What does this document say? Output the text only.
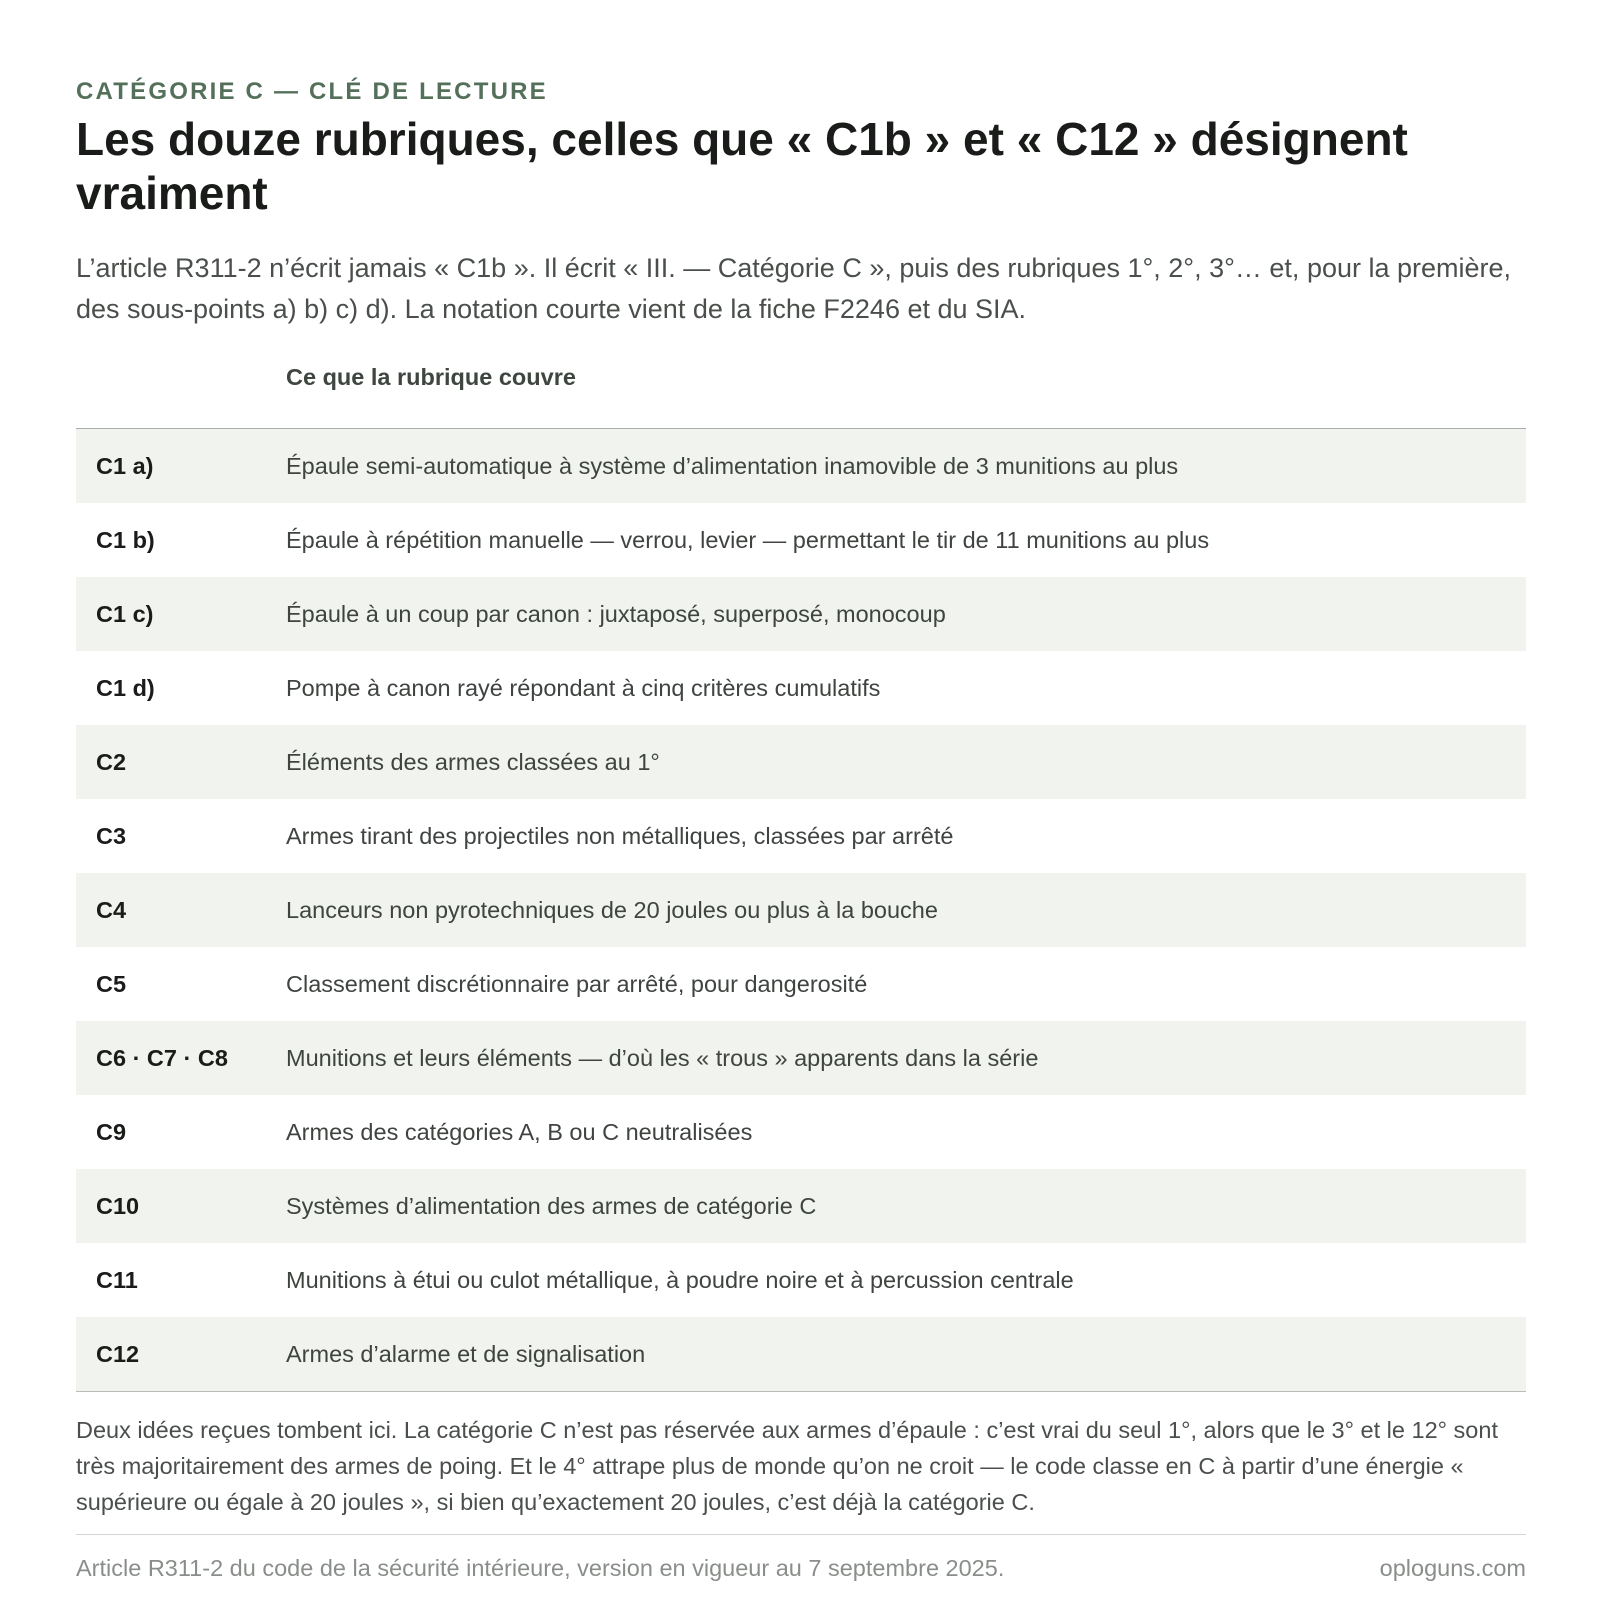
CATÉGORIE C — CLÉ DE LECTURE
Les douze rubriques, celles que « C1b » et « C12 » désignent vraiment

L’article R311-2 n’écrit jamais « C1b ». Il écrit « III. — Catégorie C », puis des rubriques 1°, 2°, 3°… et, pour la première, des sous-points a) b) c) d). La notation courte vient de la fiche F2246 et du SIA.

	Ce que la rubrique couvre
C1 a)	Épaule semi-automatique à système d’alimentation inamovible de 3 munitions au plus
C1 b)	Épaule à répétition manuelle — verrou, levier — permettant le tir de 11 munitions au plus
C1 c)	Épaule à un coup par canon : juxtaposé, superposé, monocoup
C1 d)	Pompe à canon rayé répondant à cinq critères cumulatifs
C2	Éléments des armes classées au 1°
C3	Armes tirant des projectiles non métalliques, classées par arrêté
C4	Lanceurs non pyrotechniques de 20 joules ou plus à la bouche
C5	Classement discrétionnaire par arrêté, pour dangerosité
C6 · C7 · C8	Munitions et leurs éléments — d’où les « trous » apparents dans la série
C9	Armes des catégories A, B ou C neutralisées
C10	Systèmes d’alimentation des armes de catégorie C
C11	Munitions à étui ou culot métallique, à poudre noire et à percussion centrale
C12	Armes d’alarme et de signalisation

Deux idées reçues tombent ici. La catégorie C n’est pas réservée aux armes d’épaule : c’est vrai du seul 1°, alors que le 3° et le 12° sont très majoritairement des armes de poing. Et le 4° attrape plus de monde qu’on ne croit — le code classe en C à partir d’une énergie « supérieure ou égale à 20 joules », si bien qu’exactement 20 joules, c’est déjà la catégorie C.

Article R311-2 du code de la sécurité intérieure, version en vigueur au 7 septembre 2025.	oploguns.com
